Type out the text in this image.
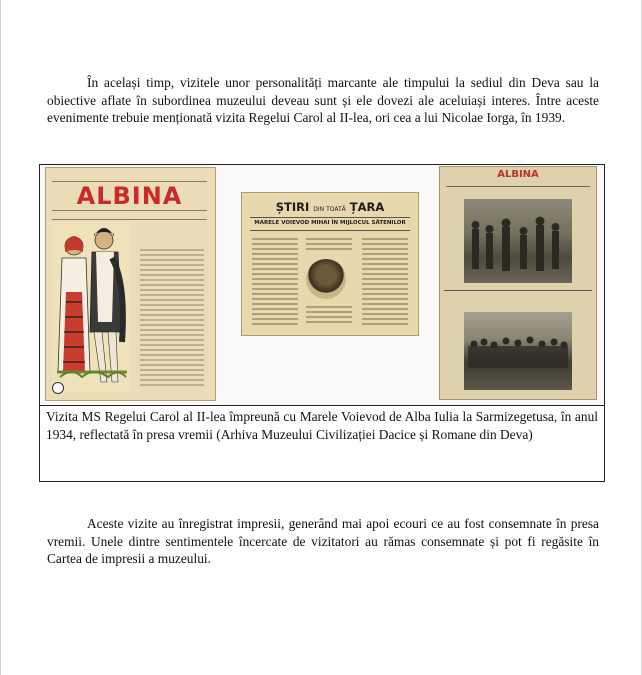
În același timp, vizitele unor personalități marcante ale timpului la sediul din Deva sau la obiective aflate în subordinea muzeului deveau sunt și ele dovezi ale aceluiași interes. Între aceste evenimente trebuie menționată vizita Regelui Carol al II-lea, ori cea a lui Nicolae Iorga, în 1939.

ALBINA
	ȘTIRI DIN TOATĂ ȚARA
MARELE VOIEVOD MIHAI ÎN MIJLOCUL SĂTENILOR
ALBINA

Vizita MS Regelui Carol al II-lea împreună cu Marele Voievod de Alba Iulia la Sarmizegetusa, în anul 1934, reflectată în presa vremii (Arhiva Muzeului Civilizației Dacice și Romane din Deva)

Aceste vizite au înregistrat impresii, generând mai apoi ecouri ce au fost consemnate în presa vremii. Unele dintre sentimentele încercate de vizitatori au rămas consemnate și pot fi regăsite în Cartea de impresii a muzeului.
